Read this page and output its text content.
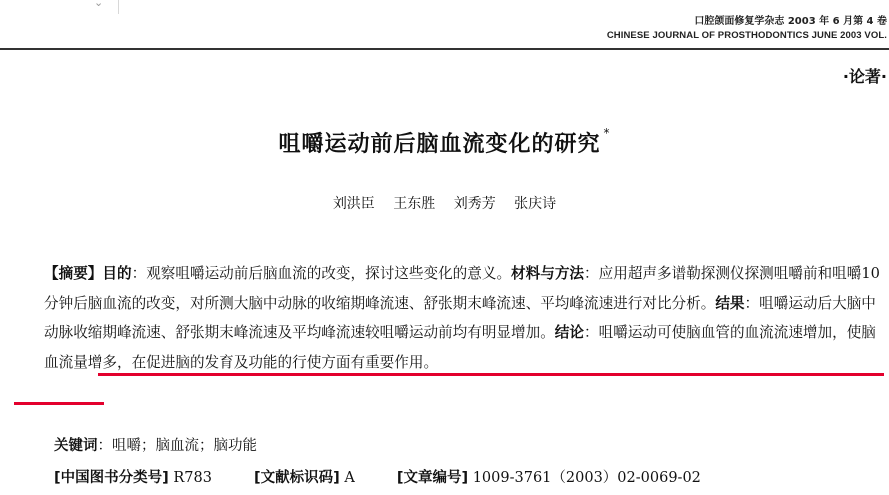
⌄
口腔颌面修复学杂志 2003 年 6 月第 4 卷
CHINESE JOURNAL OF PROSTHODONTICS JUNE 2003 VOL.
·论著·
咀嚼运动前后脑血流变化的研究 *
刘洪臣 王东胜 刘秀芳 张庆诗

【摘要】目的：观察咀嚼运动前后脑血流的改变，探讨这些变化的意义。材料与方法：应用超声多谱勒探测仪探测咀嚼前和咀嚼10分钟后脑血流的改变，对所测大脑中动脉的收缩期峰流速、舒张期末峰流速、平均峰流速进行对比分析。结果：咀嚼运动后大脑中动脉收缩期峰流速、舒张期末峰流速及平均峰流速较咀嚼运动前均有明显增加。结论：咀嚼运动可使脑血管的血流流速增加，使脑血流量增多，在促进脑的发育及功能的行使方面有重要作用。

关键词：咀嚼；脑血流；脑功能
[中国图书分类号] R783	[文献标识码] A	[文章编号] 1009-3761（2003）02-0069-02
